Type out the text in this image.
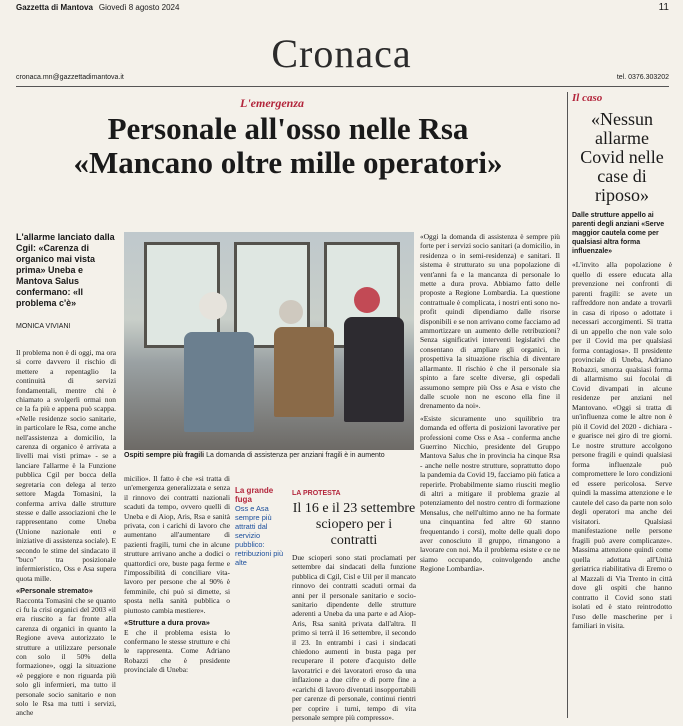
Gazzetta di Mantova Giovedì 8 agosto 2024	11
Cronaca
cronaca.mn@gazzettadimantova.it	tel. 0376.303202
L'emergenza
Personale all'osso nelle Rsa
«Mancano oltre mille operatori»
L'allarme lanciato dalla Cgil: «Carenza di organico mai vista prima» Uneba e Mantova Salus confermano: «Il problema c'è»
MONICA VIVIANI

Il problema non è di oggi, ma ora si corre davvero il rischio di mettere a repentaglio la continuità di servizi fondamentali, mentre chi è chiamato a svolgerli ormai non ce la fa più e appena può scappa. «Nelle residenze socio sanitarie, in particolare le Rsa, come anche nell'assistenza a domicilio, la carenza di organico è arrivata a livelli mai visti prima» - se a lanciare l'allarme è la Funzione pubblica Cgil per bocca della segretaria con delega al terzo settore Magda Tomasini, la conferma arriva dalle strutture stesse e dalle associazioni che le rappresentano come Uneba (Unione nazionale enti e iniziative di assistenza sociale). E secondo le stime del sindacato il "buco" tra posizionale infermieristico, Oss e Asa supera quota mille.

«Personale stremato»

Racconta Tomasini che se quanto ci fu la crisi organici del 2003 «il era riuscito a far fronte alla carenza di organici in quanto la Regione aveva autorizzato le strutture a utilizzare personale con solo il 50% della formazione», oggi la situazione «è peggiore e non riguarda più solo gli infermieri, ma tutto il personale socio sanitario e non solo le Rsa ma tutti i servizi, anche

Ospiti sempre più fragili La domanda di assistenza per anziani fragili è in aumento

micilio». Il fatto è che «si tratta di un'emergenza generalizzata e senza il rinnovo dei contratti nazionali scaduti da tempo, ovvero quelli di Uneba e di Aiop, Aris, Rsa e sanità privata, con i carichi di lavoro che aumentano all'aumentare di pazienti fragili, turni che in alcune strutture arrivano anche a dodici o quattordici ore, buste paga ferme e l'impossibilità di conciliare vita-lavoro per persone che al 90% è femminile, chi può si dimette, si sposta nella sanità pubblica o piuttosto cambia mestiere».

«Strutture a dura prova»

E che il problema esista lo confermano le stesse strutture e chi le rappresenta. Come Adriano Robazzi che è presidente provinciale di Uneba:

La grande fuga
Oss e Asa sempre più attratti dal servizio pubblico: retribuzioni più alte
LA PROTESTA
Il 16 e il 23 settembre sciopero per i contratti
Due scioperi sono stati proclamati per settembre dai sindacati della funzione pubblica di Cgil, Cisl e Uil per il mancato rinnovo dei contratti scaduti ormai da anni per il personale sanitario e socio-sanitario dipendente delle strutture aderenti a Uneba da una parte e ad Aiop-Aris, Rsa sanità privata dall'altra. Il primo si terrà il 16 settembre, il secondo il 23. In entrambi i casi i sindacati chiedono aumenti in busta paga per recuperare il potere d'acquisto delle lavoratrici e dei lavoratori eroso da una inflazione a due cifre e di porre fine a «carichi di lavoro diventati insopportabili per carenze di personale, continui rientri per coprire i turni, tempo di vita personale sempre più compresso».

«Oggi la domanda di assistenza è sempre più forte per i servizi socio sanitari (a domicilio, in residenza o in semi-residenza) e sanitari. Il sistema è strutturato su una popolazione di vent'anni fa e la mancanza di personale lo mette a dura prova. Abbiamo fatto delle proposte a Regione Lombardia. La questione contrattuale è complicata, i nostri enti sono no-profit quindi dipendiamo dalle risorse disponibili e se non arrivano come facciamo ad ammortizzare un aumento delle retribuzioni? Senza significativi interventi legislativi che consentano di ampliare gli organici, in prospettiva la situazione rischia di diventare allarmante. Il rischio è che il personale sia spinto a fare scelte diverse, gli ospedali assumono sempre più Oss e Asa e visto che dalle scuole non ne escono ella fine il drenamento da noi».

«Esiste sicuramente uno squilibrio tra domanda ed offerta di posizioni lavorative per professioni come Oss e Asa - conferma anche Guerrino Nicchio, presidente del Gruppo Mantova Salus che in provincia ha cinque Rsa - anche nelle nostre strutture, soprattutto dopo la pandemia da Covid 19, facciamo più fatica a reperirle. Probabilmente siamo riusciti meglio di altri a mitigare il problema grazie al potenziamento del nostro centro di formazione Mensalus, che nell'ultimo anno ne ha formate una cinquantina fed altre 60 stanno frequentando i corsi), molte delle quali dopo aver conosciuto il gruppo, rimangono a lavorare con noi. Ma il problema esiste e ce ne siamo occupando, coinvolgendo anche Regione Lombardia».

Il caso
«Nessun allarme Covid nelle case di riposo»
Dalle strutture appello ai parenti degli anziani «Serve maggior cautela come per qualsiasi altra forma influenzale»
«L'invito alla popolazione è quello di essere educata alla prevenzione nei confronti di parenti fragili: se avete un raffreddore non andate a trovarli in casa di riposo o adottate i necessari accorgimenti. Si tratta di un appello che non vale solo per il Covid ma per qualsiasi forma contagiosa». Il presidente provinciale di Uneba, Adriano Robazzi, smorza qualsiasi forma di allarmismo sui focolai di Covid divampati in alcune residenze per anziani nel Mantovano. «Oggi si tratta di un'influenza come le altre non è più il Covid del 2020 - dichiara - e guarisce nei giro di tre giorni. Le nostre strutture accolgono persone fragili e quindi qualsiasi forma influenzale può compromettere le loro condizioni ed essere pericolosa. Serve quindi la massima attenzione e le cautele del caso da parte non solo degli operatori ma anche dei visitatori. Qualsiasi manifestazione nelle persone fragili può avere complicanze». Massima attenzione quindi come quella adottata all'Unità geriatrica riabilitativa di Eremo o al Mazzali di Via Trento in città dove gli ospiti che hanno contratto il Covid sono stati isolati ed è stato reintrodotto l'uso delle mascherine per i familiari in visita.
